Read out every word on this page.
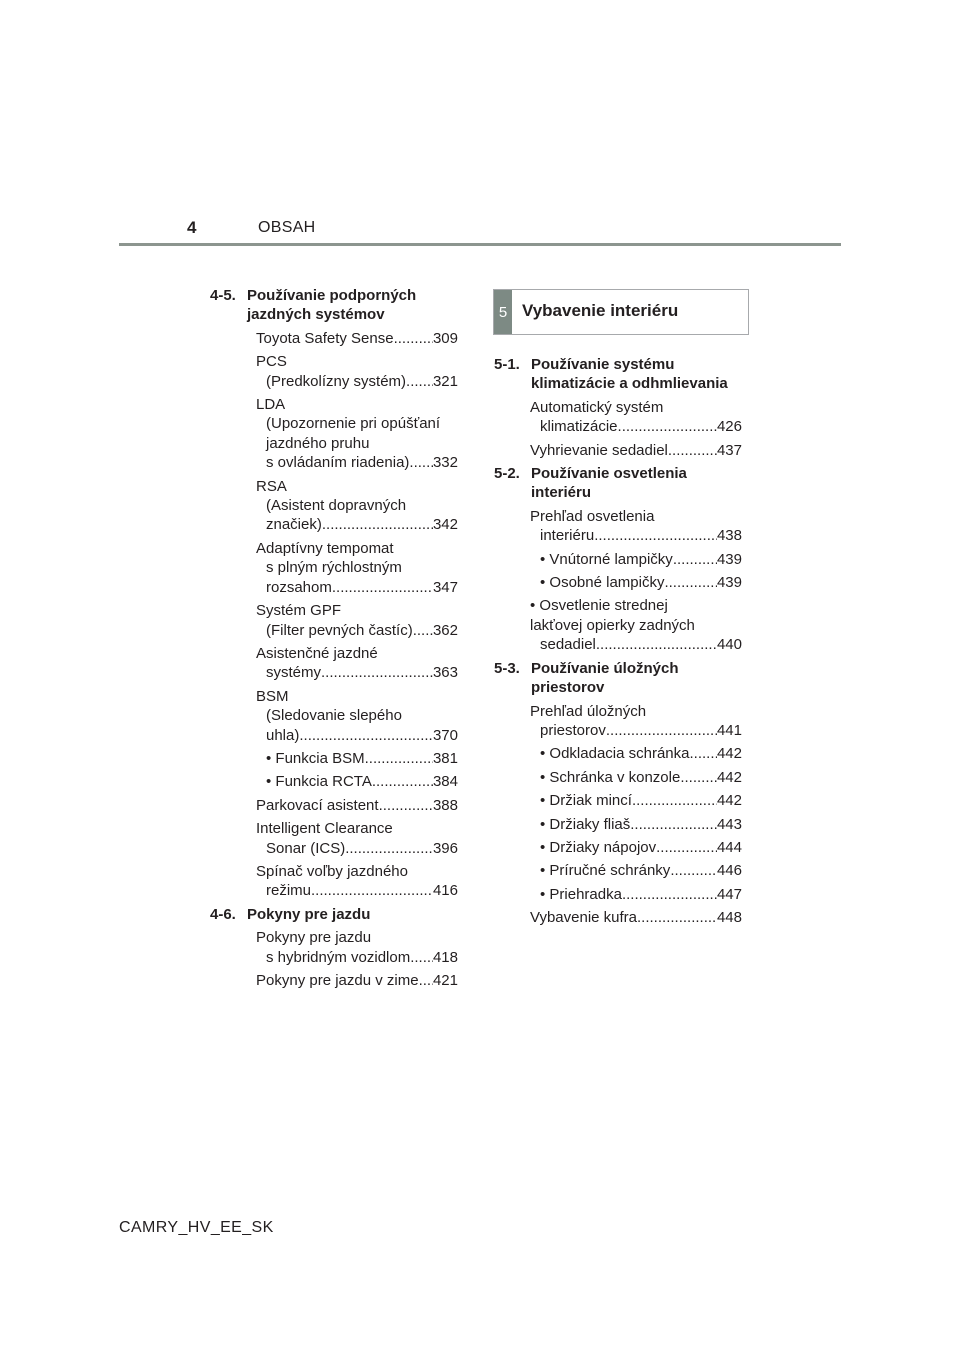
4	OBSAH
4-5. Používanie podporných jazdných systémov
Toyota Safety Sense .....	309
PCS
(Predkolízny systém) ..... 321
LDA
(Upozornenie pri opúšťaní
jazdného pruhu
s ovládaním riadenia) ..... 332
RSA
(Asistent dopravných
značiek) .....	342
Adaptívny tempomat
s plným rýchlostným
rozsahom .....	347
Systém GPF
(Filter pevných častíc) ..... 362
Asistenčné jazdné
systémy .....	363
BSM
(Sledovanie slepého
uhla) .....	370
• Funkcia BSM .....	381
• Funkcia RCTA .....	384
Parkovací asistent .....	388
Intelligent Clearance
Sonar (ICS) .....	396
Spínač voľby jazdného
režimu .....	416
4-6. Pokyny pre jazdu
Pokyny pre jazdu
s hybridným vozidlom ..... 418
Pokyny pre jazdu v zime ..... 421
5 Vybavenie interiéru
5-1. Používanie systému klimatizácie a odhmlievania
Automatický systém
klimatizácie .....	426
Vyhrievanie sedadiel .....	437
5-2. Používanie osvetlenia interiéru
Prehľad osvetlenia
interiéru .....	438
• Vnútorné lampičky .....	439
• Osobné lampičky .....	439
• Osvetlenie strednej
lakťovej opierky zadných
sedadiel .....	440
5-3. Používanie úložných priestorov
Prehľad úložných
priestorov .....	441
• Odkladacia schránka ..... 442
• Schránka v konzole ..... 442
• Držiak mincí .....	442
• Držiaky fliaš .....	443
• Držiaky nápojov .....	444
• Príručné schránky .....	446
• Priehradka .....	447
Vybavenie kufra .....	448
CAMRY_HV_EE_SK
